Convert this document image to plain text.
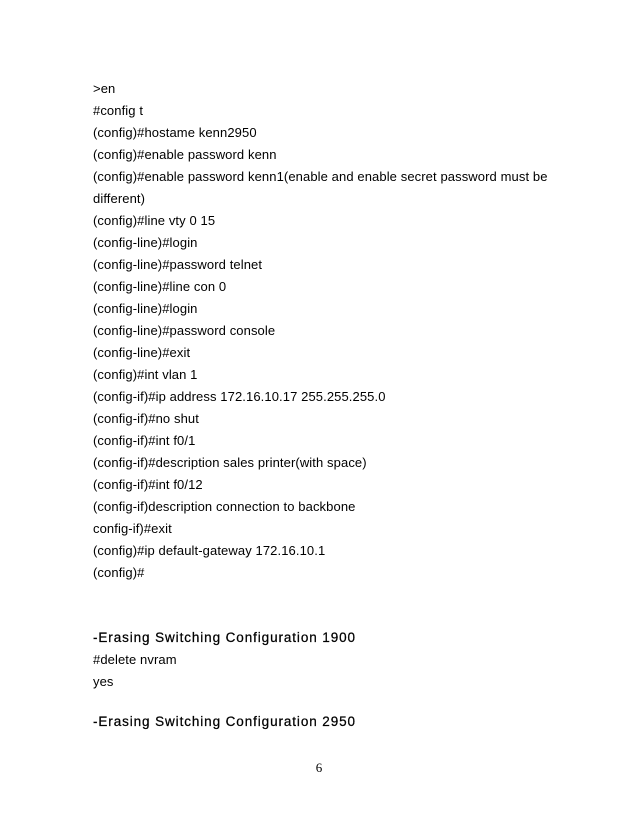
>en
#config t
(config)#hostame kenn2950
(config)#enable password kenn
(config)#enable password kenn1(enable and enable secret password must be
different)
(config)#line vty 0 15
(config-line)#login
(config-line)#password telnet
(config-line)#line con 0
(config-line)#login
(config-line)#password console
(config-line)#exit
(config)#int vlan 1
(config-if)#ip address 172.16.10.17 255.255.255.0
(config-if)#no shut
(config-if)#int f0/1
(config-if)#description sales printer(with space)
(config-if)#int f0/12
(config-if)description connection to backbone
config-if)#exit
(config)#ip default-gateway 172.16.10.1
(config)#
-Erasing Switching Configuration 1900
#delete nvram
yes
-Erasing Switching Configuration 2950
6
